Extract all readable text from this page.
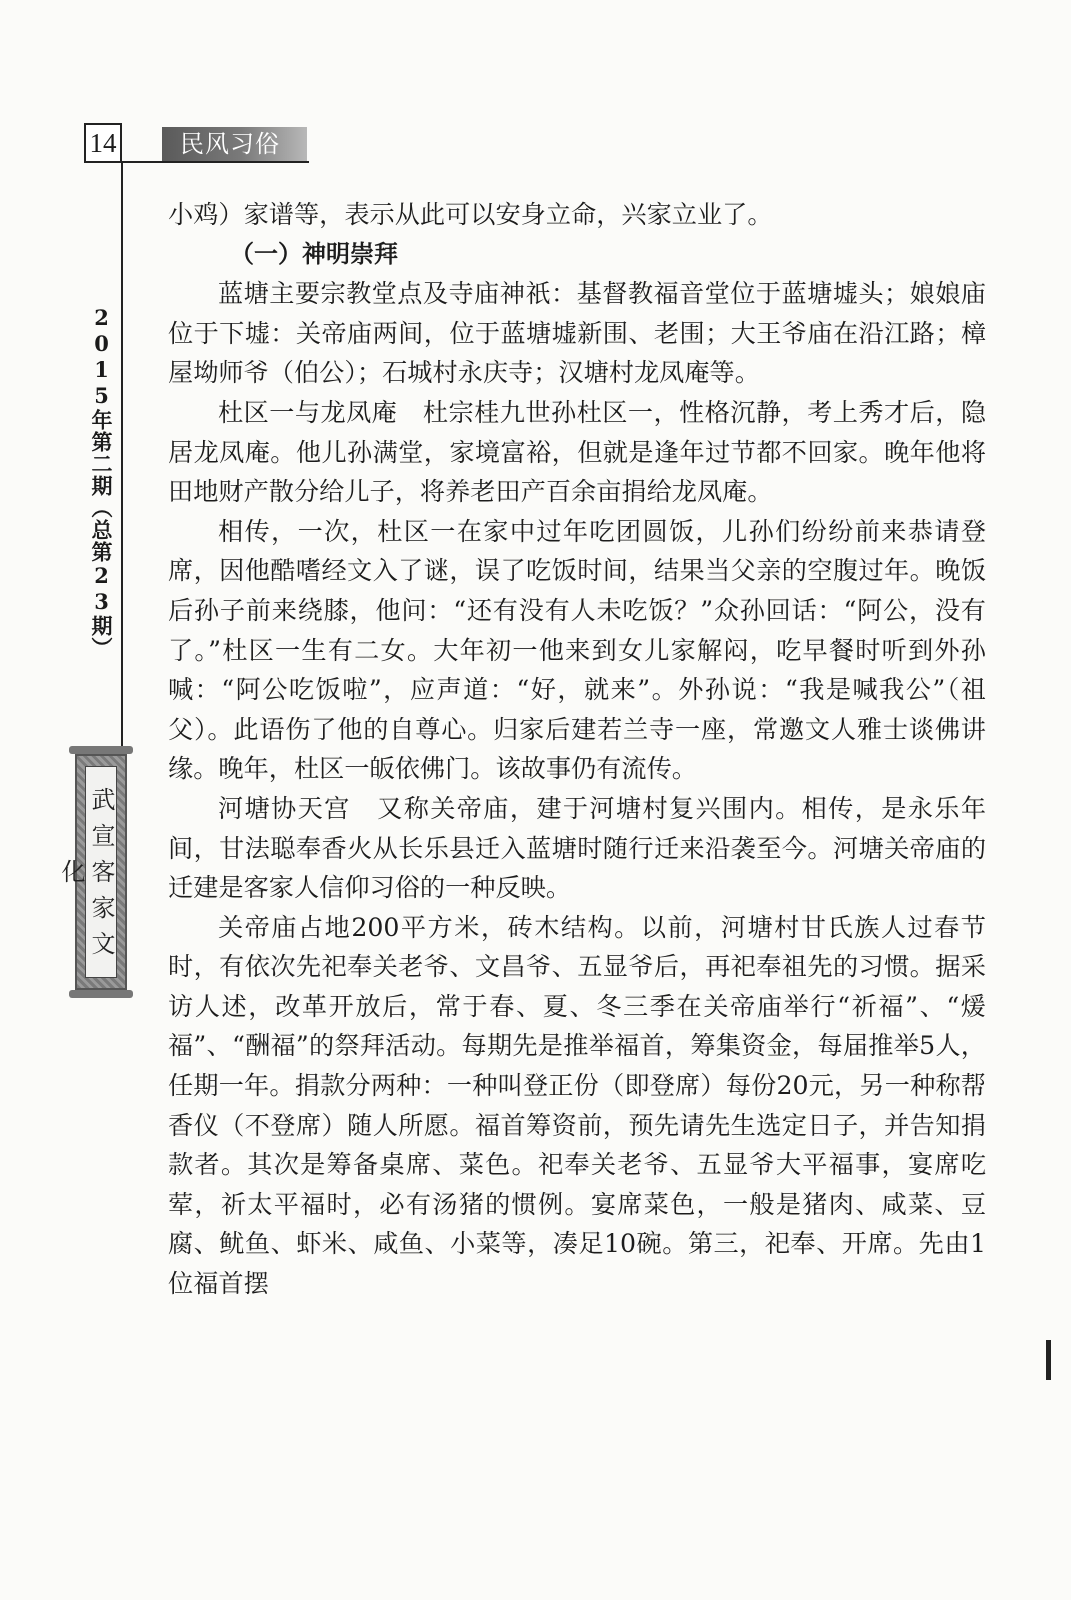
14	民风习俗
2015年第二期（总第23期）
武宣客家文化

小鸡）家谱等，表示从此可以安身立命，兴家立业了。

（一）神明崇拜

蓝塘主要宗教堂点及寺庙神祇：基督教福音堂位于蓝塘墟头；娘娘庙位于下墟：关帝庙两间，位于蓝塘墟新围、老围；大王爷庙在沿江路；樟屋坳师爷（伯公）；石城村永庆寺；汉塘村龙凤庵等。

杜区一与龙凤庵　杜宗桂九世孙杜区一，性格沉静，考上秀才后，隐居龙凤庵。他儿孙满堂，家境富裕，但就是逢年过节都不回家。晚年他将田地财产散分给儿子，将养老田产百余亩捐给龙凤庵。

相传，一次，杜区一在家中过年吃团圆饭，儿孙们纷纷前来恭请登席，因他酷嗜经文入了谜，误了吃饭时间，结果当父亲的空腹过年。晚饭后孙子前来绕膝，他问：“还有没有人未吃饭？”众孙回话：“阿公，没有了。”杜区一生有二女。大年初一他来到女儿家解闷，吃早餐时听到外孙喊：“阿公吃饭啦”，应声道：“好，就来”。外孙说：“我是喊我公”（祖父）。此语伤了他的自尊心。归家后建若兰寺一座，常邀文人雅士谈佛讲缘。晚年，杜区一皈依佛门。该故事仍有流传。

河塘协天宫　又称关帝庙，建于河塘村复兴围内。相传，是永乐年间，甘法聪奉香火从长乐县迁入蓝塘时随行迁来沿袭至今。河塘关帝庙的迁建是客家人信仰习俗的一种反映。

关帝庙占地200平方米，砖木结构。以前，河塘村甘氏族人过春节时，有依次先祀奉关老爷、文昌爷、五显爷后，再祀奉祖先的习惯。据采访人述，改革开放后，常于春、夏、冬三季在关帝庙举行“祈福”、“煖福”、“酬福”的祭拜活动。每期先是推举福首，筹集资金，每届推举5人，任期一年。捐款分两种：一种叫登正份（即登席）每份20元，另一种称帮香仪（不登席）随人所愿。福首筹资前，预先请先生选定日子，并告知捐款者。其次是筹备桌席、菜色。祀奉关老爷、五显爷大平福事，宴席吃荤，祈太平福时，必有汤猪的惯例。宴席菜色，一般是猪肉、咸菜、豆腐、鱿鱼、虾米、咸鱼、小菜等，凑足10碗。第三，祀奉、开席。先由1位福首摆
